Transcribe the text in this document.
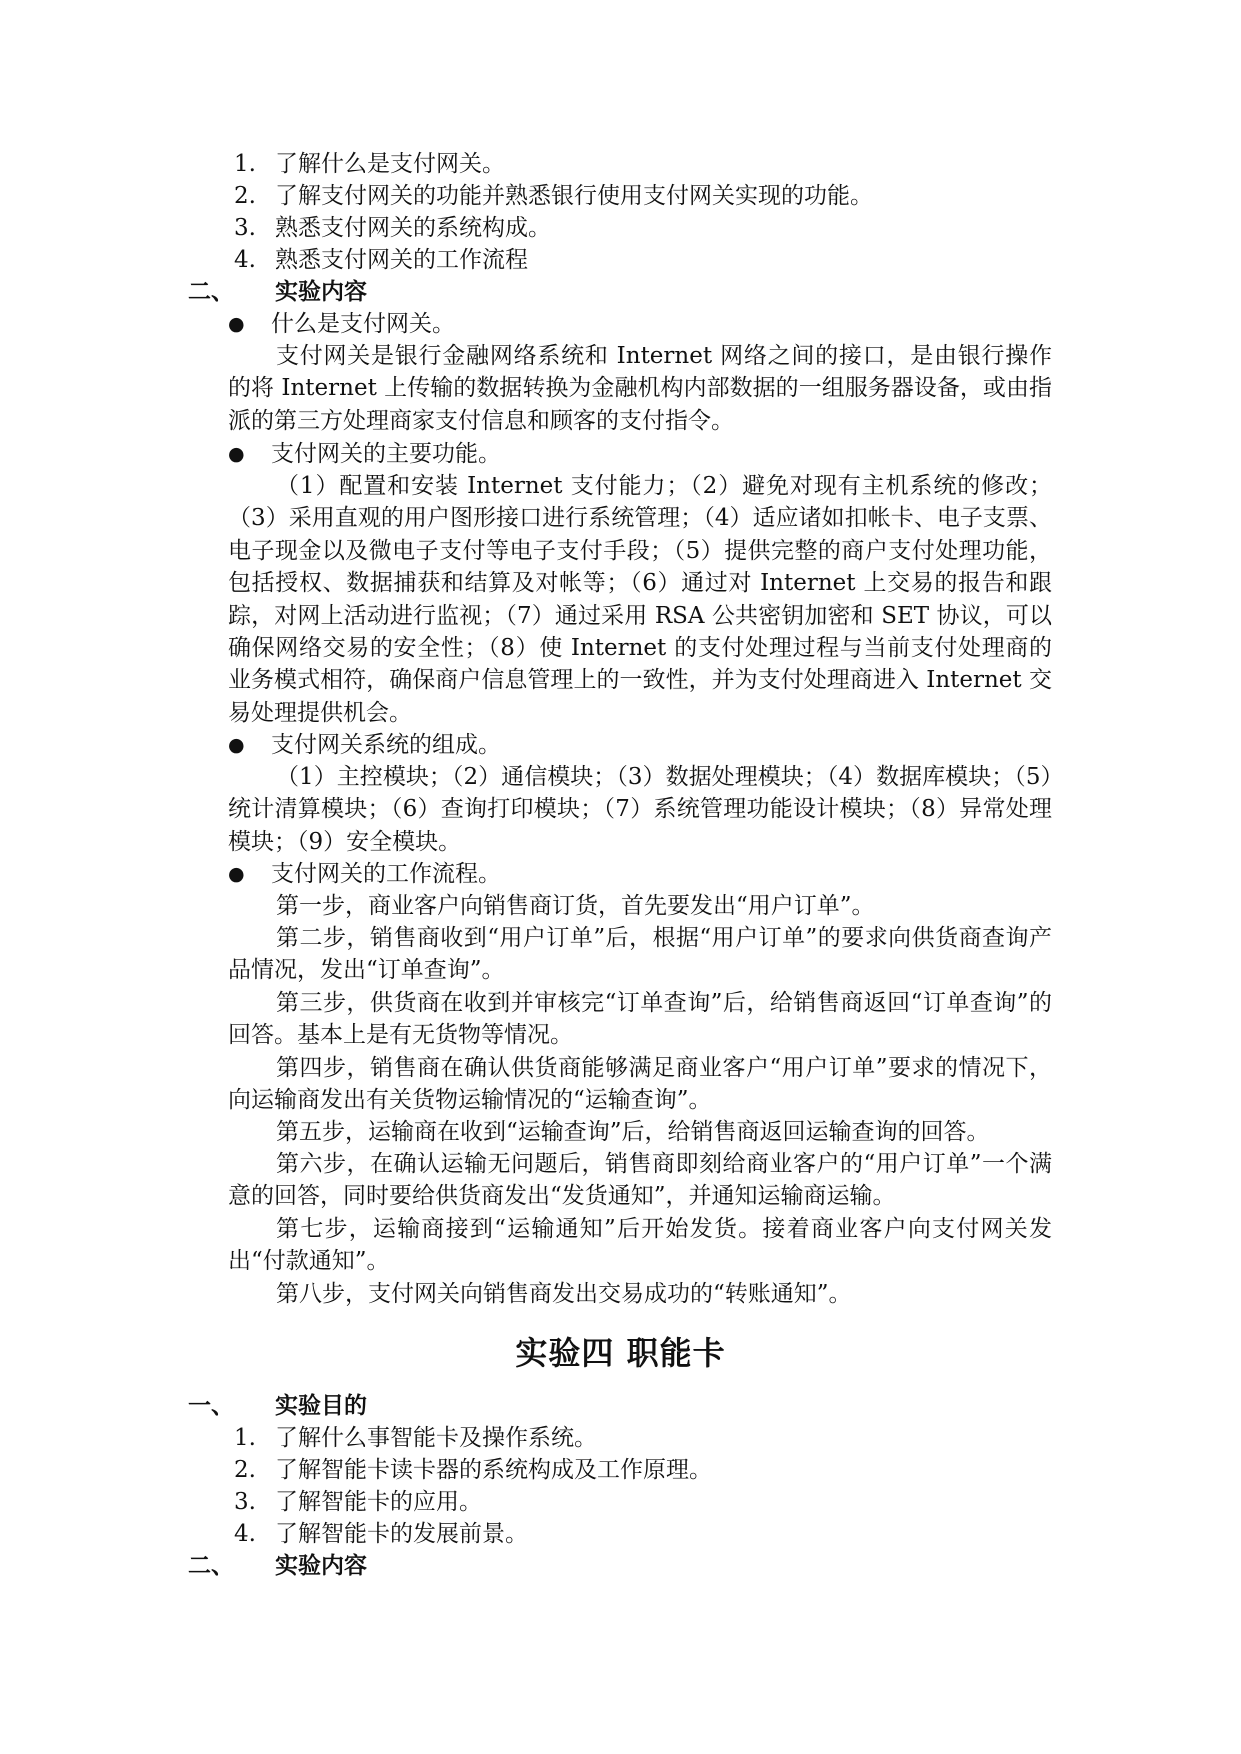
1. 了解什么是支付网关。
2. 了解支付网关的功能并熟悉银行使用支付网关实现的功能。
3. 熟悉支付网关的系统构成。
4. 熟悉支付网关的工作流程
二、 实验内容
● 什么是支付网关。
支付网关是银行金融网络系统和 Internet 网络之间的接口，是由银行操作的将 Internet 上传输的数据转换为金融机构内部数据的一组服务器设备，或由指派的第三方处理商家支付信息和顾客的支付指令。
● 支付网关的主要功能。
（1）配置和安装 Internet 支付能力；（2）避免对现有主机系统的修改；（3）采用直观的用户图形接口进行系统管理；（4）适应诸如扣帐卡、电子支票、电子现金以及微电子支付等电子支付手段；（5）提供完整的商户支付处理功能，包括授权、数据捕获和结算及对帐等；（6）通过对 Internet 上交易的报告和跟踪，对网上活动进行监视；（7）通过采用 RSA 公共密钥加密和 SET 协议，可以确保网络交易的安全性；（8）使 Internet 的支付处理过程与当前支付处理商的业务模式相符，确保商户信息管理上的一致性，并为支付处理商进入 Internet 交易处理提供机会。
● 支付网关系统的组成。
（1）主控模块；（2）通信模块；（3）数据处理模块；（4）数据库模块；（5）统计清算模块；（6）查询打印模块；（7）系统管理功能设计模块；（8）异常处理模块；（9）安全模块。
● 支付网关的工作流程。
第一步，商业客户向销售商订货，首先要发出“用户订单”。
第二步，销售商收到“用户订单”后，根据“用户订单”的要求向供货商查询产品情况，发出“订单查询”。
第三步，供货商在收到并审核完“订单查询”后，给销售商返回“订单查询”的回答。基本上是有无货物等情况。
第四步，销售商在确认供货商能够满足商业客户“用户订单”要求的情况下，向运输商发出有关货物运输情况的“运输查询”。
第五步，运输商在收到“运输查询”后，给销售商返回运输查询的回答。
第六步，在确认运输无问题后，销售商即刻给商业客户的“用户订单”一个满意的回答，同时要给供货商发出“发货通知”，并通知运输商运输。
第七步，运输商接到“运输通知”后开始发货。接着商业客户向支付网关发出“付款通知”。
第八步，支付网关向销售商发出交易成功的“转账通知”。
实验四 职能卡
一、 实验目的
1. 了解什么事智能卡及操作系统。
2. 了解智能卡读卡器的系统构成及工作原理。
3. 了解智能卡的应用。
4. 了解智能卡的发展前景。
二、 实验内容
